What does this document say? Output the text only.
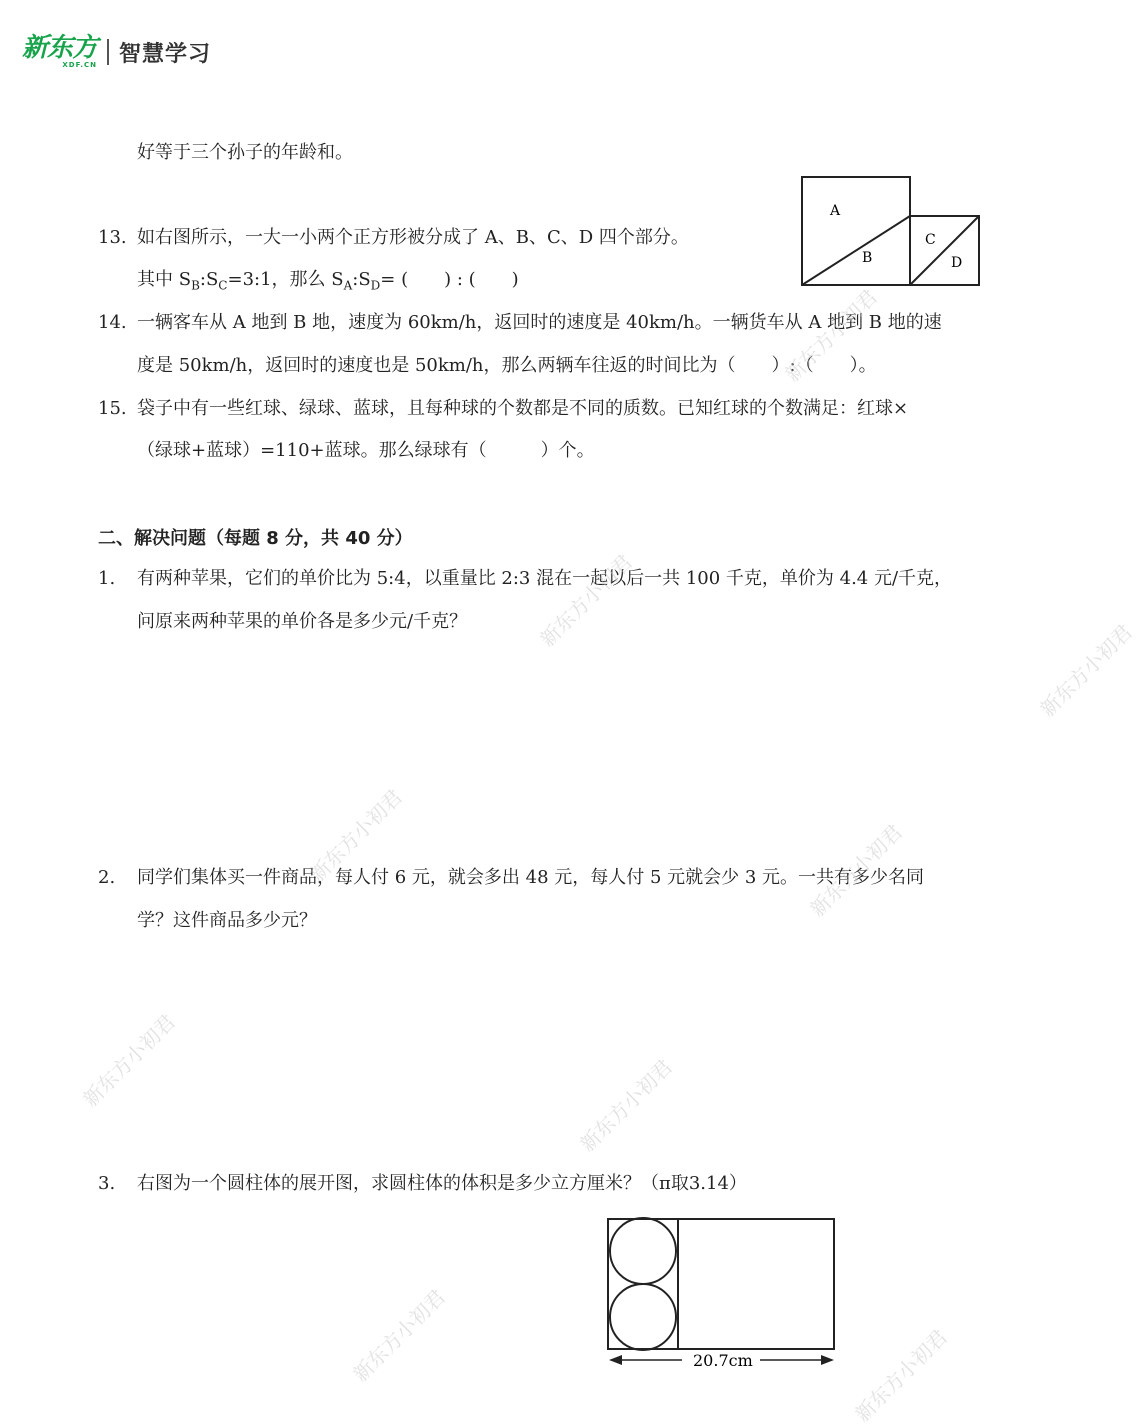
新东方
XDF.CN 智慧学习
好等于三个孙子的年龄和。
13. 如右图所示，一大一小两个正方形被分成了 A、B、C、D 四个部分。
其中 $S_B:S_C=3:1$，那么 $S_A:S_D=$ (　　) : (　　)
A
B
C
D
14. 一辆客车从 A 地到 B 地，速度为 60km/h，返回时的速度是 40km/h。一辆货车从 A 地到 B 地的速
度是 50km/h，返回时的速度也是 50km/h，那么两辆车往返的时间比为（　　）:（　　）。
15. 袋子中有一些红球、绿球、蓝球，且每种球的个数都是不同的质数。已知红球的个数满足：红球×
（绿球+蓝球）=110+蓝球。那么绿球有（　　　）个。
二、解决问题（每题 8 分，共 40 分）
1. 有两种苹果，它们的单价比为 5:4，以重量比 2:3 混在一起以后一共 100 千克，单价为 4.4 元/千克，
问原来两种苹果的单价各是多少元/千克？
2. 同学们集体买一件商品，每人付 6 元，就会多出 48 元，每人付 5 元就会少 3 元。一共有多少名同
学？这件商品多少元？
3. 右图为一个圆柱体的展开图，求圆柱体的体积是多少立方厘米？（π取3.14）
20.7cm
新东方小初君
新东方小初君
新东方小初君
新东方小初君	新东方小初君
新东方小初君	新东方小初君
新东方小初君	新东方小初君
